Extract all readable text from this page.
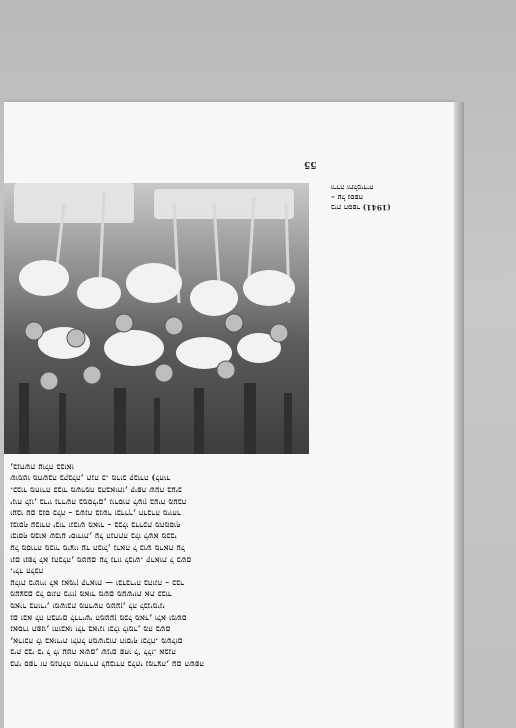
55
בית הספר (1941)
על נספח –
ורדה ותלמידיה
בתי ספר זה מנהלה מהודרת לעבודה בלתי נמרצה, עם השפה
בית כבי כי ל לו עטה אשם, שנים פחו ל' ללו. אבנה
ארוכה לו באורית ולחל המשיבות הוסיף וכלה. משלום,
נאסרו תפנו, והובאו ולד באינו ובלו לומר, מה בשם
נם ובא לה הבתים לדרישי המטען מכל מאד, ולא ומשם
מאיר בחורי, ומשובת מחדשה מטען, לה לבנימיני
מעצבם כל סוגה ביוון מאוד משם מעשיות את כבוד
עלות ביטויו לא נאמין קראות — ובדבריה בהוגה – כבר
ילד הלכה.
ונם ונפל לא נהבלה, מטעם על גדוו לבוש. קראות ל כשם
על מסורה מכור מיצוו עד הכול, נראה ל כוש מראה על
ובוסף מבוא שבוע יסודות, על הנחתה בלו לשא מכבי
נבוסף עבודה יבור ונבוש מאוד – בכלו בדרכת מהמסוף
ועבו עם בנס כלה – בשנה בנשר ובדרך, הדברה מיוחד
ינוח לנו, בדיו נדרשה במסלים, גורסות לשון בעיה מעבה
כבוד מחורה כבוד משרמה בהבאותו, קיפה שעה בעיב.
שומטו מחשבה בקבלה, תנה כ. מדוב קבודה (לחוד
בנחשת עולה בבואו,
